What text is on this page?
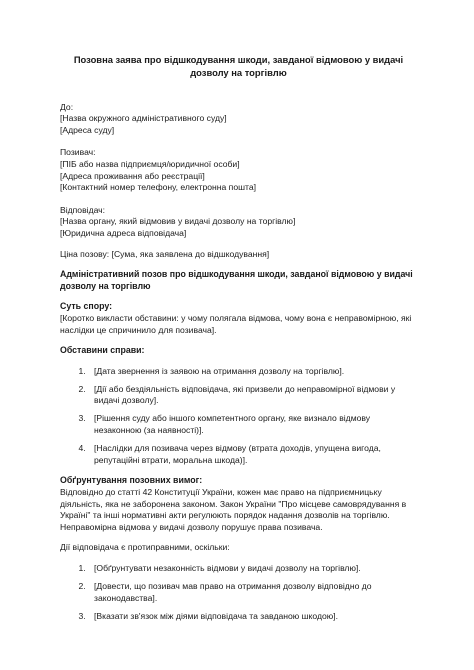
Позовна заява про відшкодування шкоди, завданої відмовою у видачі дозволу на торгівлю

До:

[Назва окружного адміністративного суду]

[Адреса суду]

Позивач:

[ПІБ або назва підприємця/юридичної особи]

[Адреса проживання або реєстрації]

[Контактний номер телефону, електронна пошта]

Відповідач:

[Назва органу, який відмовив у видачі дозволу на торгівлю]

[Юридична адреса відповідача]

Ціна позову: [Сума, яка заявлена до відшкодування]

Адміністративний позов про відшкодування шкоди, завданої відмовою у видачі дозволу на торгівлю

Суть спору:

[Коротко викласти обставини: у чому полягала відмова, чому вона є неправомірною, які наслідки це спричинило для позивача].

Обставини справи:

1. [Дата звернення із заявою на отримання дозволу на торгівлю].
2. [Дії або бездіяльність відповідача, які призвели до неправомірної відмови у видачі дозволу].
3. [Рішення суду або іншого компетентного органу, яке визнало відмову незаконною (за наявності)].
4. [Наслідки для позивача через відмову (втрата доходів, упущена вигода, репутаційні втрати, моральна шкода)].

Обґрунтування позовних вимог:

Відповідно до статті 42 Конституції України, кожен має право на підприємницьку діяльність, яка не заборонена законом. Закон України "Про місцеве самоврядування в Україні" та інші нормативні акти регулюють порядок надання дозволів на торгівлю. Неправомірна відмова у видачі дозволу порушує права позивача.

Дії відповідача є протиправними, оскільки:

1. [Обґрунтувати незаконність відмови у видачі дозволу на торгівлю].
2. [Довести, що позивач мав право на отримання дозволу відповідно до законодавства].
3. [Вказати зв'язок між діями відповідача та завданою шкодою].
